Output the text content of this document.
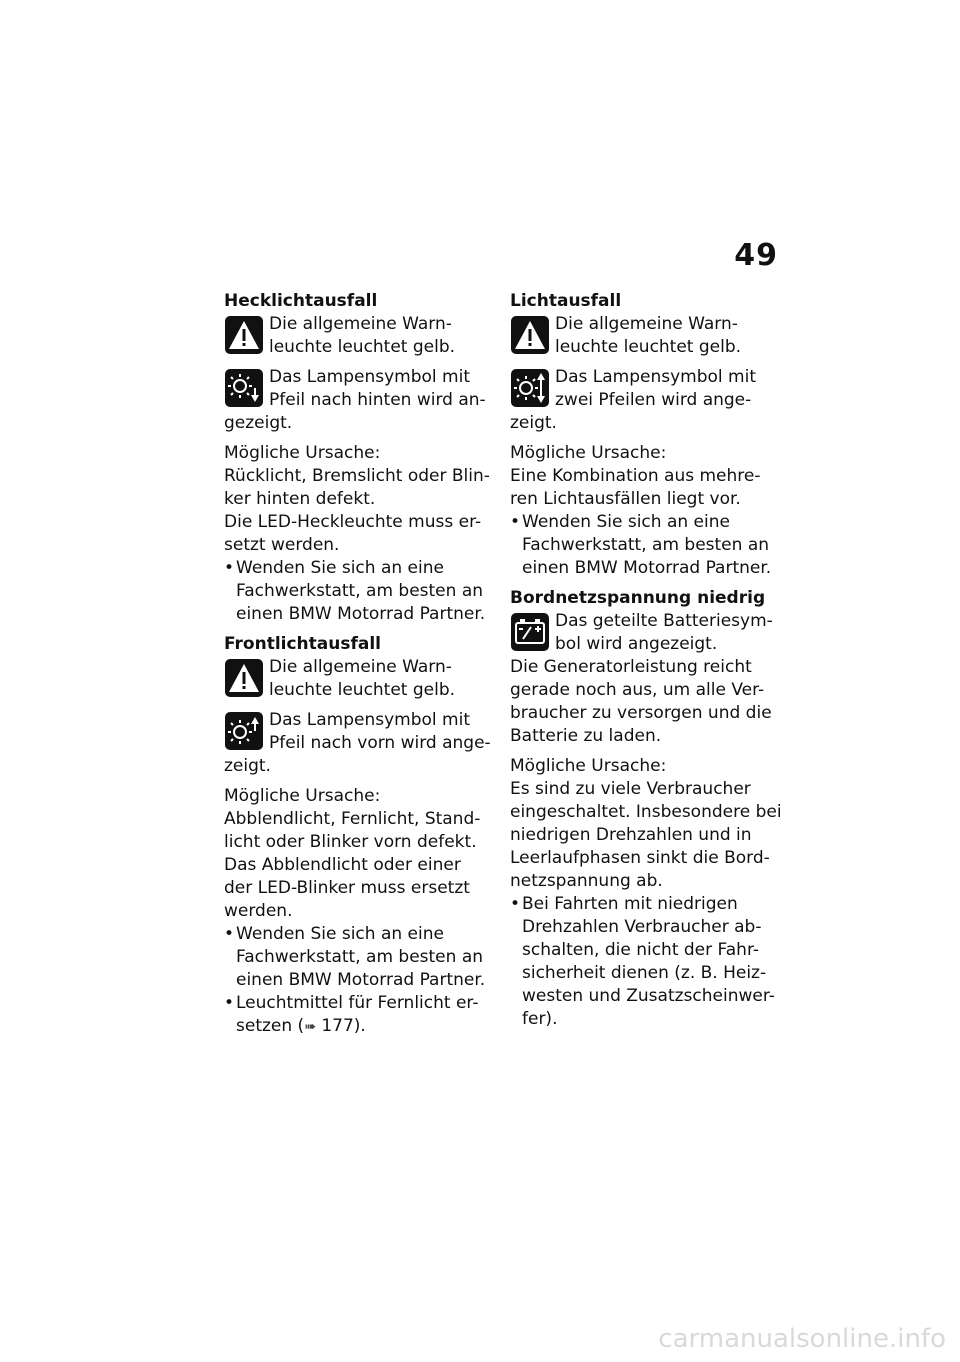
49
Hecklichtausfall

Die allgemeine Warn-leuchte leuchtet gelb.

Das Lampensymbol mit Pfeil nach hinten wird an-gezeigt.

Mögliche Ursache:

Rücklicht, Bremslicht oder Blin-ker hinten defekt.

Die LED-Heckleuchte muss er-setzt werden.

• Wenden Sie sich an eine Fachwerkstatt, am besten an einen BMW Motorrad Partner.
Frontlichtausfall

Die allgemeine Warn-leuchte leuchtet gelb.

Das Lampensymbol mit Pfeil nach vorn wird ange-zeigt.

Mögliche Ursache:

Abblendlicht, Fernlicht, Stand-licht oder Blinker vorn defekt.

Das Abblendlicht oder einer der LED-Blinker muss ersetzt werden.

• Wenden Sie sich an eine Fachwerkstatt, am besten an einen BMW Motorrad Partner.
• Leuchtmittel für Fernlicht er-setzen (➠ 177).
Lichtausfall

Die allgemeine Warn-leuchte leuchtet gelb.

Das Lampensymbol mit zwei Pfeilen wird ange-zeigt.

Mögliche Ursache:

Eine Kombination aus mehre-ren Lichtausfällen liegt vor.

• Wenden Sie sich an eine Fachwerkstatt, am besten an einen BMW Motorrad Partner.
Bordnetzspannung niedrig

Das geteilte Batteriesym-bol wird angezeigt.

Die Generatorleistung reicht gerade noch aus, um alle Ver-braucher zu versorgen und die Batterie zu laden.

Mögliche Ursache:

Es sind zu viele Verbraucher eingeschaltet. Insbesondere bei niedrigen Drehzahlen und in Leerlaufphasen sinkt die Bord-netzspannung ab.

• Bei Fahrten mit niedrigen Drehzahlen Verbraucher ab-schalten, die nicht der Fahr-sicherheit dienen (z. B. Heiz-westen und Zusatzscheinwer-fer).
carmanualsonline.info
